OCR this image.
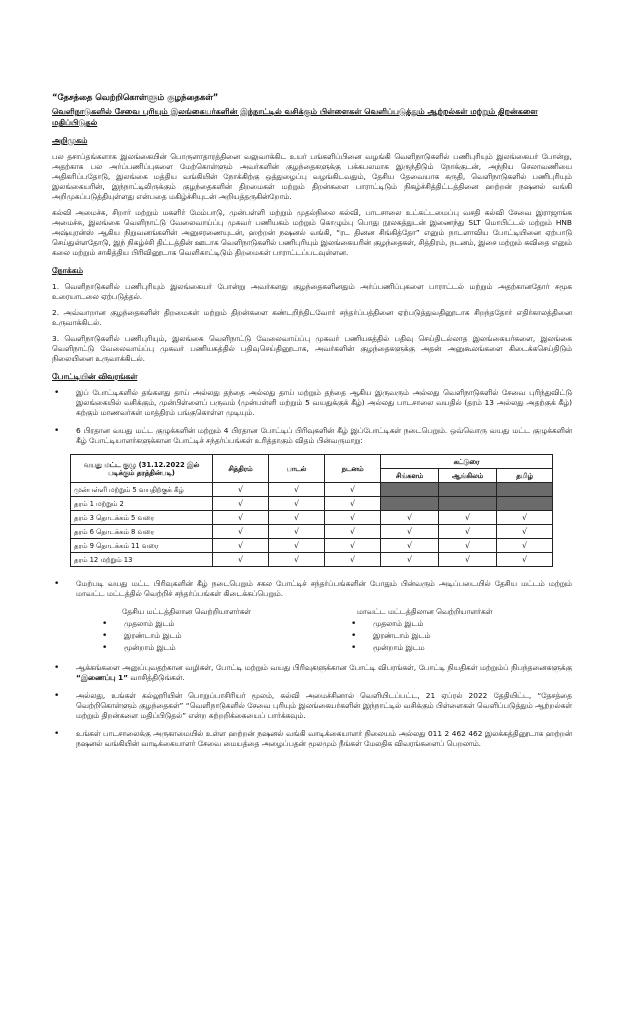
“தேசத்தை வெற்றிகொள்ளும் குழந்தைகள்”
வெளிநாடுகளில் சேவை புரியும் இலங்கையர்களின் இந்நாட்டில் வசிக்கும் பிள்ளைகள் வெளிப்படுத்தும் ஆற்றல்கள் மற்றும் திறன்களை மதிப்பிடுதல்
அறிமுகம்

பல தசாப்தங்களாக இலங்கையின் பொருளாதாரத்தினை வலுவாக்கிட உயர் பங்களிப்பினை வழங்கி வெளிநாடுகளில் பணிபுரியும் இலங்கையர் போன்று, அதற்காக பல அர்ப்பணிப்புகளை மேற்கொள்ளும் அவர்களின் குழந்தைகளுக்கு பக்கபலமாக இருந்திடும் நோக்குடன், அந்நிய செலாவணியை அதிகரிப்பதோடு, இலங்கை மத்திய வங்கியின் நோக்கிற்கு ஒத்துழைப்பு வழங்கிடவதும், தேசிய தேவையாக கருதி, வெளிநாடுகளில் பணிபுரியும் இலங்கையரின், இந்நாட்டிலிருக்கும் குழந்தைகளின் திறமைகள் மற்றும் திறன்களை பாராட்டிடும் நிகழ்ச்சித்திட்டத்தினை ஹற்றன் நஷனல் வங்கி அறிமுகப்படுத்தியுள்ளது என்பதை மகிழ்ச்சியுடன் அறியத்தருகின்றோம்.

கல்வி அமைச்சு, சிறார் மற்றும் மகளிர் மேம்பாடு, முன்பள்ளி மற்றும் முதல்நிலை கல்வி, பாடசாலை உட்கட்டமைப்பு வசதி கல்வி சேவை இராஜாங்க அமைச்சு, இலங்கை வெளிநாட்டு வேலைவாய்ப்பு முகவர் பணியகம் மற்றும் கொழும்பு பொது நூலகத்துடன் இணைந்து SLT மொபிட்டல் மற்றும் HNB அஷ்யுரன்ஸ் ஆகிய நிறுவனங்களின் அனுசரணையுடன், ஹற்றன் நஷனல் வங்கி, “ரட தினன சிங்கித்தோ” எனும் நாடளாவிய போட்டியினை ஏற்பாடு செய்துள்ளதோடு, இந் நிகழ்ச்சி திட்டத்தின் ஊடாக வெளிநாடுகளில் பணிபுரியும் இலங்கையரின் குழந்தைகள், சித்திரம், நடனம், இசை மற்றும் கவிதை எனும் கலை மற்றும் சாகித்திய பிரிவினூடாக வெளிகாட்டிடும் திறமைகள் பாராட்டப்படவுள்ளன.

நோக்கம்

1. வெளிநாடுகளில் பணிபுரியும் இலங்கையர் போன்று அவர்களது குழந்தைகளினதும் அர்ப்பணிப்புகளை பாராட்டல் மற்றும் அதற்கானதோர் சமூக உரையாடலை ஏற்படுத்தல்.

2. அவ்வாறான குழந்தைகளின் திறமைகள் மற்றும் திறன்களை கண்டறிந்திடவோர் சந்தர்ப்பத்தினை ஏற்படுத்துவதினூடாக சிறந்ததோர் எதிர்காலத்தினை உருவாக்கிடல்.

3. வெளிநாடுகளில் பணிபுரியும், இலங்கை வெளிநாட்டு வேலைவாய்ப்பு முகவர் பணியகத்தில் பதிவு செய்திடல்லாத இலங்கையர்களை, இலங்கை வெளிநாட்டு வேலைவாய்ப்பு முகவர் பணியகத்தில் பதிவுசெய்தினூடாக, அவர்களின் குழந்தைகளுக்கு அதன் அனுகூலங்களை கிடைக்கசெய்திடும் நிலையினை உருவாக்கிடல்.

போட்டியின் விவரங்கள்
• இப் போட்டிகளில் தங்களது தாய் அல்லது தந்தை அல்லது தாய் மற்றும் தந்தை ஆகிய இருவரும் அல்லது வெளிநாடுகளில் சேவை புரிந்துவிட்டு இலங்கையில் வசிக்கும், முன்பிள்ளைப் பருவம் (முன்பள்ளி மற்றும் 5 வயதுக்குக் கீழ்) அல்லது பாடசாலை வயதில் (தரம் 13 அல்லது அதற்குக் கீழ்) கற்கும் மாணவர்கள் மாத்திரம் பங்குகொள்ள முடியும்.
• 6 பிரதான வயது மட்ட குழுக்களின் மற்றும் 4 பிரதான போட்டிப் பிரிவுகளின் கீழ் இப்போட்டிகள் நடைபெறும். ஒவ்வொரு வயது மட்ட குழுக்களின் கீழ் போட்டியாளர்களுக்கான போட்டிச் சந்தர்ப்பங்கள் உரித்தாகும் விதம் பின்வருமாறு:
வயது மட்ட குழு (31.12.2022 இல் படிக்கும் தரத்தின்படி)	சித்திரம்	பாடல்	நடனம்	கட்டுரை		
				சிங்களம்	ஆங்கிலம்	தமிழ்
முன்பள்ளி மற்றும் 5 வயதிற்குக் கீழ்	√	√	√			
தரம் 1 மற்றும் 2	√	√	√			
தரம் 3 தொடக்கம் 5 வரை	√	√	√	√	√	√
தரம் 6 தொடக்கம் 8 வரை	√	√	√	√	√	√
தரம் 9 தொடக்கம் 11 வரை	√	√	√	√	√	√
தரம் 12 மற்றும் 13	√	√	√	√	√	√
• மேற்படி வயது மட்ட பிரிவுகளின் கீழ் நடைபெறும் சகல போட்டிச் சந்தர்ப்பங்களின் போதும் பின்வரும் அடிப்படையில் தேசிய மட்டம் மற்றும் மாவட்ட மட்டத்தில் வெற்றிச் சந்தர்ப்பங்கள் கிடைக்கப்பெறும்.
தேசிய மட்டத்திலான வெற்றியாளர்கள்
• முதலாம் இடம்
• இரண்டாம் இடம்
• மூன்றாம் இடம்
மாவட்ட மட்டத்திலான வெற்றியாளர்கள்
• முதலாம் இடம்
• இரண்டாம் இடம்
• மூன்றாம் இடம
• ஆக்கங்களை அனுப்புவதற்கான வழிகள், போட்டி மற்றும் வயது பிரிவுகளுக்கான போட்டி விபரங்கள், போட்டி நியதிகள் மற்றும்ப் நிபந்தனைகளுக்கு “இணைப்பு 1” வாசித்திடுங்கள்.
• அல்லது, உங்கள் கல்லூரியின் பொறுப்பாசிரியர் மூலம், கல்வி அமைச்சினால் வெளியிடப்பட்ட, 21 ஏப்ரல் 2022 தேதியிட்ட, “தேசத்தை வெற்றிகொள்ளும் குழந்தைகள்” “வெளிநாடுகளில் சேவை புரியும் இலங்கையர்களின் இந்நாட்டில் வசிக்கும் பிள்ளைகள் வெளிப்படுத்தும் ஆற்றல்கள் மற்றும் திறன்களை மதிப்பிடுதல்” என்ற சுற்றறிக்கையைப் பார்க்கவும்.
• உங்கள் பாடசாலைக்கு அருகாமையில் உள்ள ஹற்றன் நஷனல் வங்கி வாடிக்கையாளர் நிலையம் அல்லது 011 2 462 462 இலக்கத்தினூடாக ஹற்றன் நஷனல் வங்கியின் வாடிக்கையாளர் சேவை மையத்தை அழைப்பதன் மூலமும் நீங்கள் மேலதிக விவரங்களைப் பெறலாம்.
